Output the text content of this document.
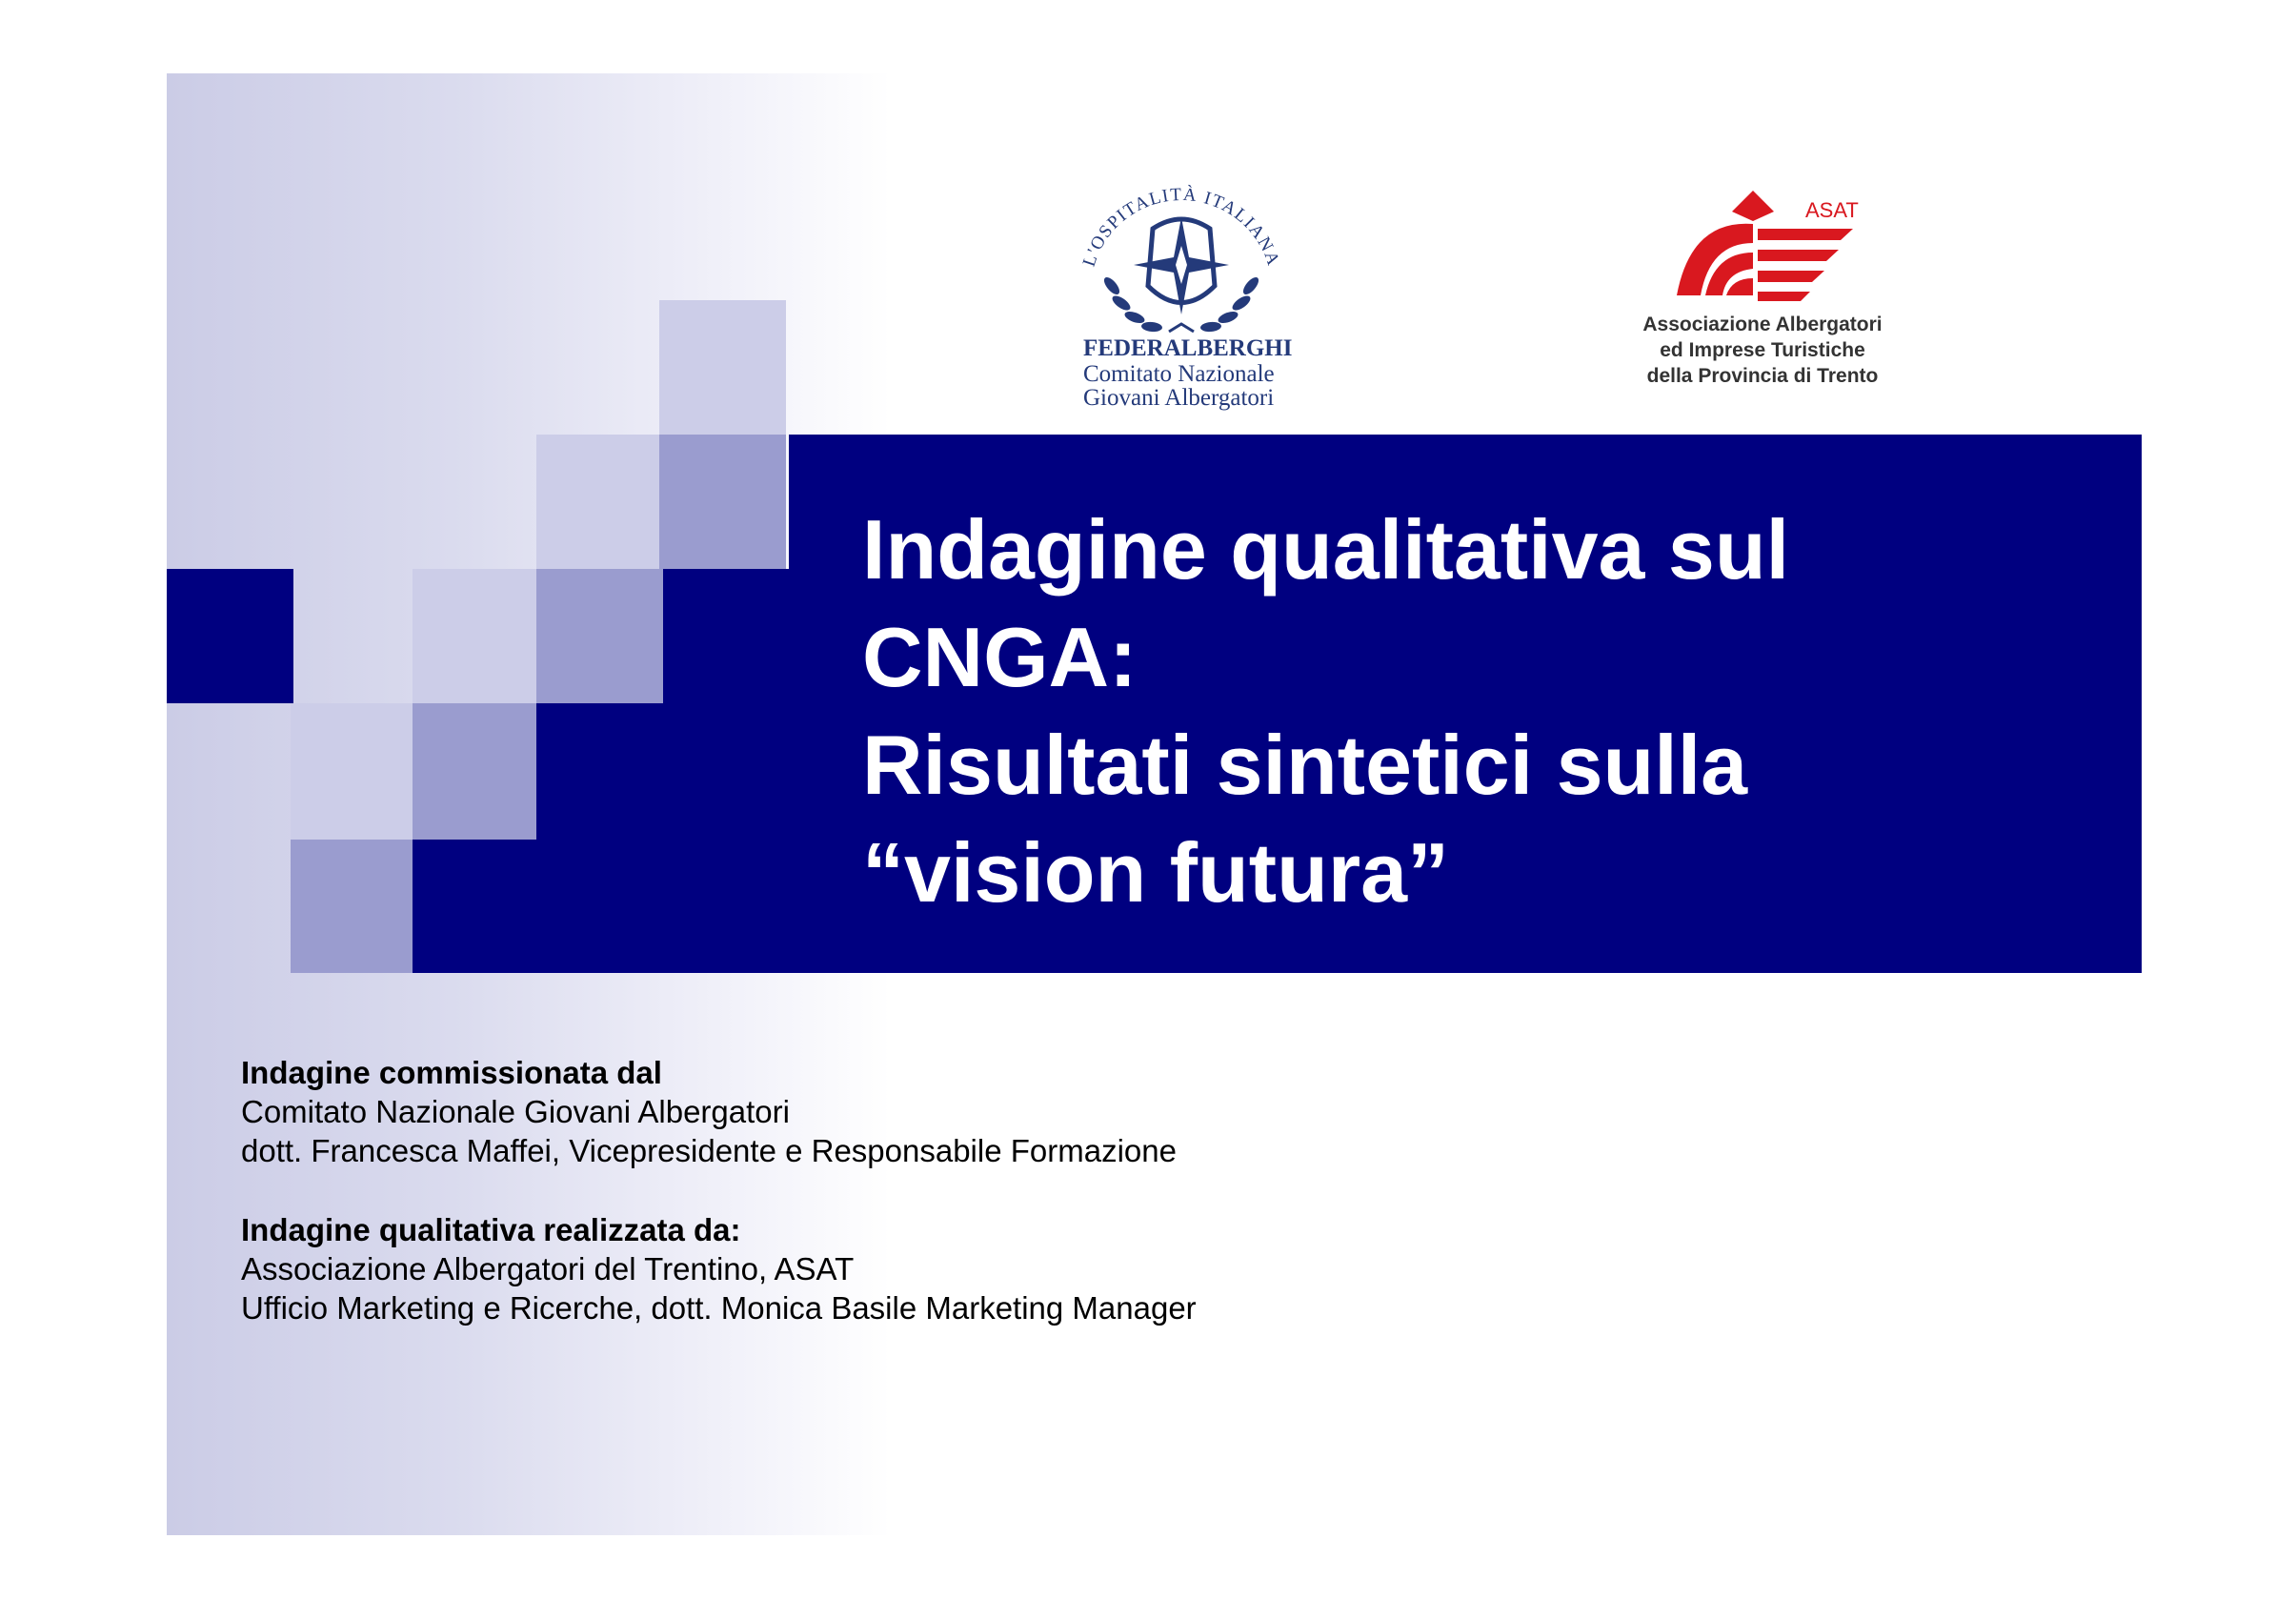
Indagine qualitativa sul
CNGA:
Risultati sintetici sulla
“vision futura”
L'OSPITALITÀ ITALIANA
FEDERALBERGHI
Comitato Nazionale
Giovani Albergatori
ASAT
Associazione Albergatori
ed Imprese Turistiche
della Provincia di Trento
Indagine commissionata dal
Comitato Nazionale Giovani Albergatori
dott. Francesca Maffei, Vicepresidente e Responsabile Formazione
Indagine qualitativa realizzata da:
Associazione Albergatori del Trentino, ASAT
Ufficio Marketing e Ricerche, dott. Monica Basile Marketing Manager
